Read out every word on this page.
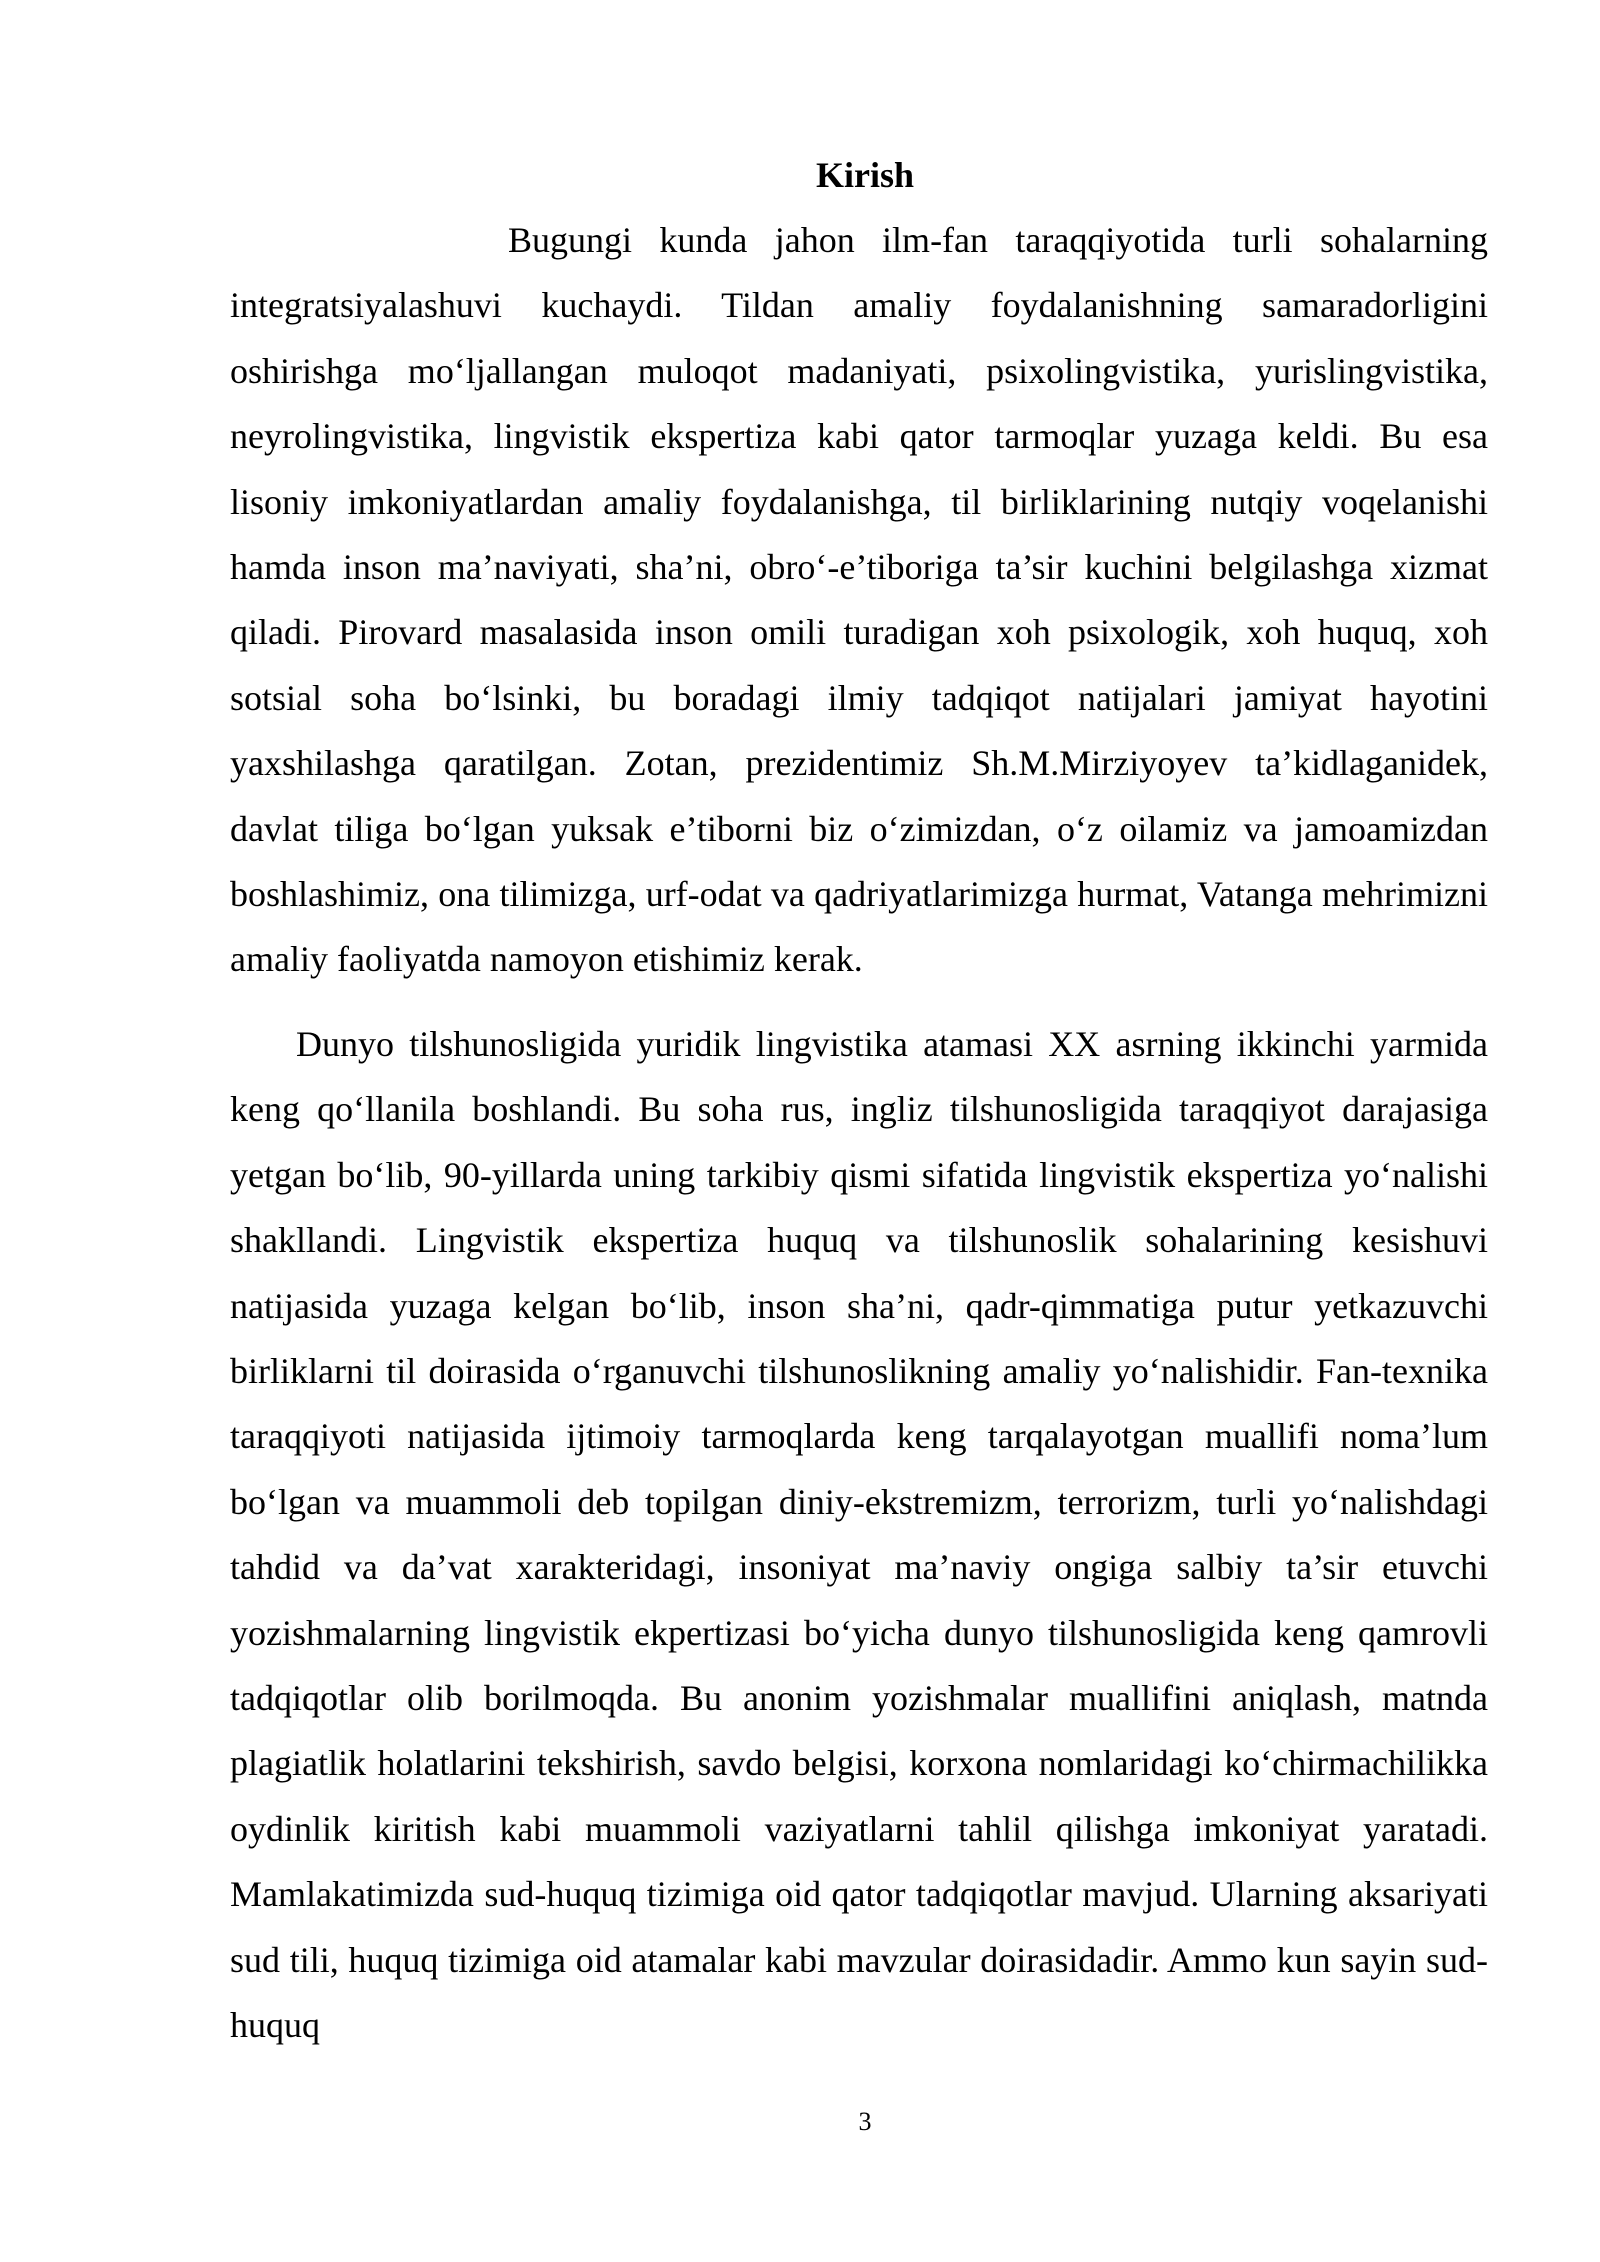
Kirish

Bugungi kunda jahon ilm-fan taraqqiyotida turli sohalarning integratsiyalashuvi kuchaydi. Tildan amaliy foydalanishning samaradorligini oshirishga mo‘ljallangan muloqot madaniyati, psixolingvistika, yurislingvistika, neyrolingvistika, lingvistik ekspertiza kabi qator tarmoqlar yuzaga keldi. Bu esa lisoniy imkoniyatlardan amaliy foydalanishga, til birliklarining nutqiy voqelanishi hamda inson ma’naviyati, sha’ni, obro‘-e’tiboriga ta’sir kuchini belgilashga xizmat qiladi. Pirovard masalasida inson omili turadigan xoh psixologik, xoh huquq, xoh sotsial soha bo‘lsinki, bu boradagi ilmiy tadqiqot natijalari jamiyat hayotini yaxshilashga qaratilgan. Zotan, prezidentimiz Sh.M.Mirziyoyev ta’kidlaganidek, davlat tiliga bo‘lgan yuksak e’tiborni biz o‘zimizdan, o‘z oilamiz va jamoamizdan boshlashimiz, ona tilimizga, urf-odat va qadriyatlarimizga hurmat, Vatanga mehrimizni amaliy faoliyatda namoyon etishimiz kerak.

Dunyo tilshunosligida yuridik lingvistika atamasi XX asrning ikkinchi yarmida keng qo‘llanila boshlandi. Bu soha rus, ingliz tilshunosligida taraqqiyot darajasiga yetgan bo‘lib, 90-yillarda uning tarkibiy qismi sifatida lingvistik ekspertiza yo‘nalishi shakllandi. Lingvistik ekspertiza huquq va tilshunoslik sohalarining kesishuvi natijasida yuzaga kelgan bo‘lib, inson sha’ni, qadr-qimmatiga putur yetkazuvchi birliklarni til doirasida o‘rganuvchi tilshunoslikning amaliy yo‘nalishidir. Fan-texnika taraqqiyoti natijasida ijtimoiy tarmoqlarda keng tarqalayotgan muallifi noma’lum bo‘lgan va muammoli deb topilgan diniy-ekstremizm, terrorizm, turli yo‘nalishdagi tahdid va da’vat xarakteridagi, insoniyat ma’naviy ongiga salbiy ta’sir etuvchi yozishmalarning lingvistik ekpertizasi bo‘yicha dunyo tilshunosligida keng qamrovli tadqiqotlar olib borilmoqda. Bu anonim yozishmalar muallifini aniqlash, matnda plagiatlik holatlarini tekshirish, savdo belgisi, korxona nomlaridagi ko‘chirmachilikka oydinlik kiritish kabi muammoli vaziyatlarni tahlil qilishga imkoniyat yaratadi. Mamlakatimizda sud-huquq tizimiga oid qator tadqiqotlar mavjud. Ularning aksariyati sud tili, huquq tizimiga oid atamalar kabi mavzular doirasidadir. Ammo kun sayin sud-huquq

3
